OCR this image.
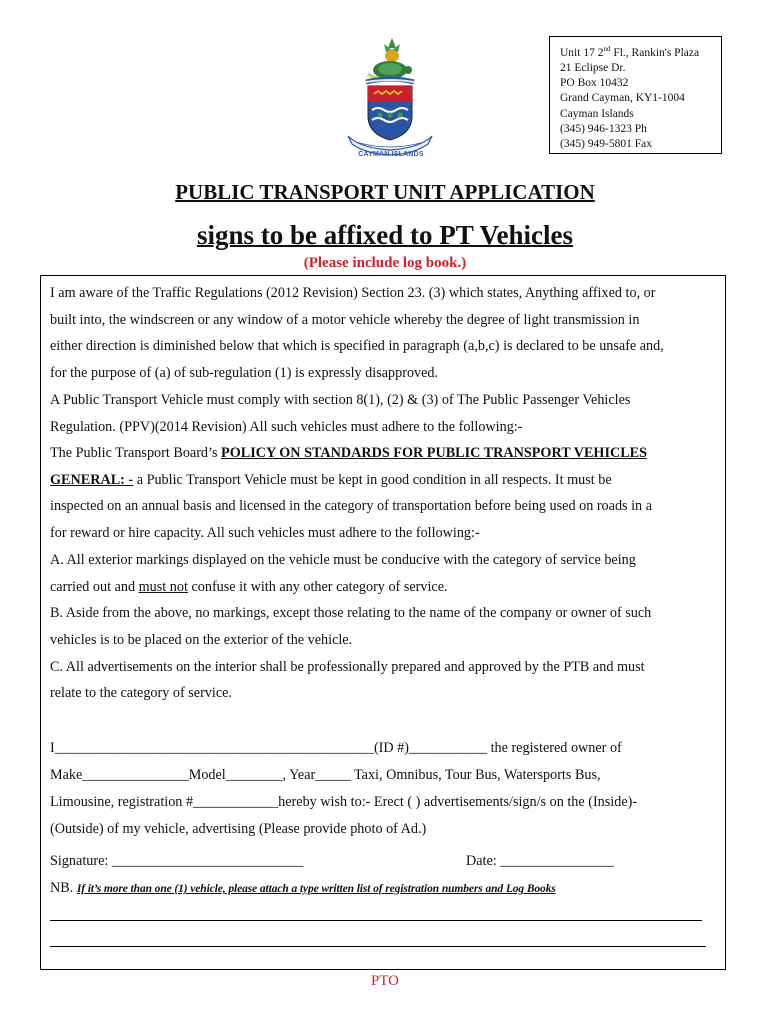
CAYMAN ISLANDS
Unit 17 2nd Fl., Rankin's Plaza
21 Eclipse Dr.
PO Box 10432
Grand Cayman, KY1-1004
Cayman Islands
(345) 946-1323 Ph
(345) 949-5801 Fax
PUBLIC TRANSPORT UNIT APPLICATION
signs to be affixed to PT Vehicles
(Please include log book.)
I am aware of the Traffic Regulations (2012 Revision) Section 23. (3) which states, Anything affixed to, or
built into, the windscreen or any window of a motor vehicle whereby the degree of light transmission in
either direction is diminished below that which is specified in paragraph (a,b,c) is declared to be unsafe and,
for the purpose of (a) of sub-regulation (1) is expressly disapproved.
A Public Transport Vehicle must comply with section 8(1), (2) & (3) of The Public Passenger Vehicles
Regulation. (PPV)(2014 Revision) All such vehicles must adhere to the following:-
The Public Transport Board’s POLICY ON STANDARDS FOR PUBLIC TRANSPORT VEHICLES
GENERAL: - a Public Transport Vehicle must be kept in good condition in all respects. It must be
inspected on an annual basis and licensed in the category of transportation before being used on roads in a
for reward or hire capacity. All such vehicles must adhere to the following:-
A. All exterior markings displayed on the vehicle must be conducive with the category of service being
carried out and must not confuse it with any other category of service.
B. Aside from the above, no markings, except those relating to the name of the company or owner of such
vehicles is to be placed on the exterior of the vehicle.
C. All advertisements on the interior shall be professionally prepared and approved by the PTB and must
relate to the category of service.
I_____________________________________________(ID #)___________ the registered owner of
Make_______________Model________, Year_____ Taxi, Omnibus, Tour Bus, Watersports Bus,
Limousine, registration #____________hereby wish to:- Erect ( ) advertisements/sign/s on the (Inside)-
(Outside) of my vehicle, advertising (Please provide photo of Ad.)
Signature: ___________________________	Date: ________________
NB. If it’s more than one (1) vehicle, please attach a type written list of registration numbers and Log Books
PTO
